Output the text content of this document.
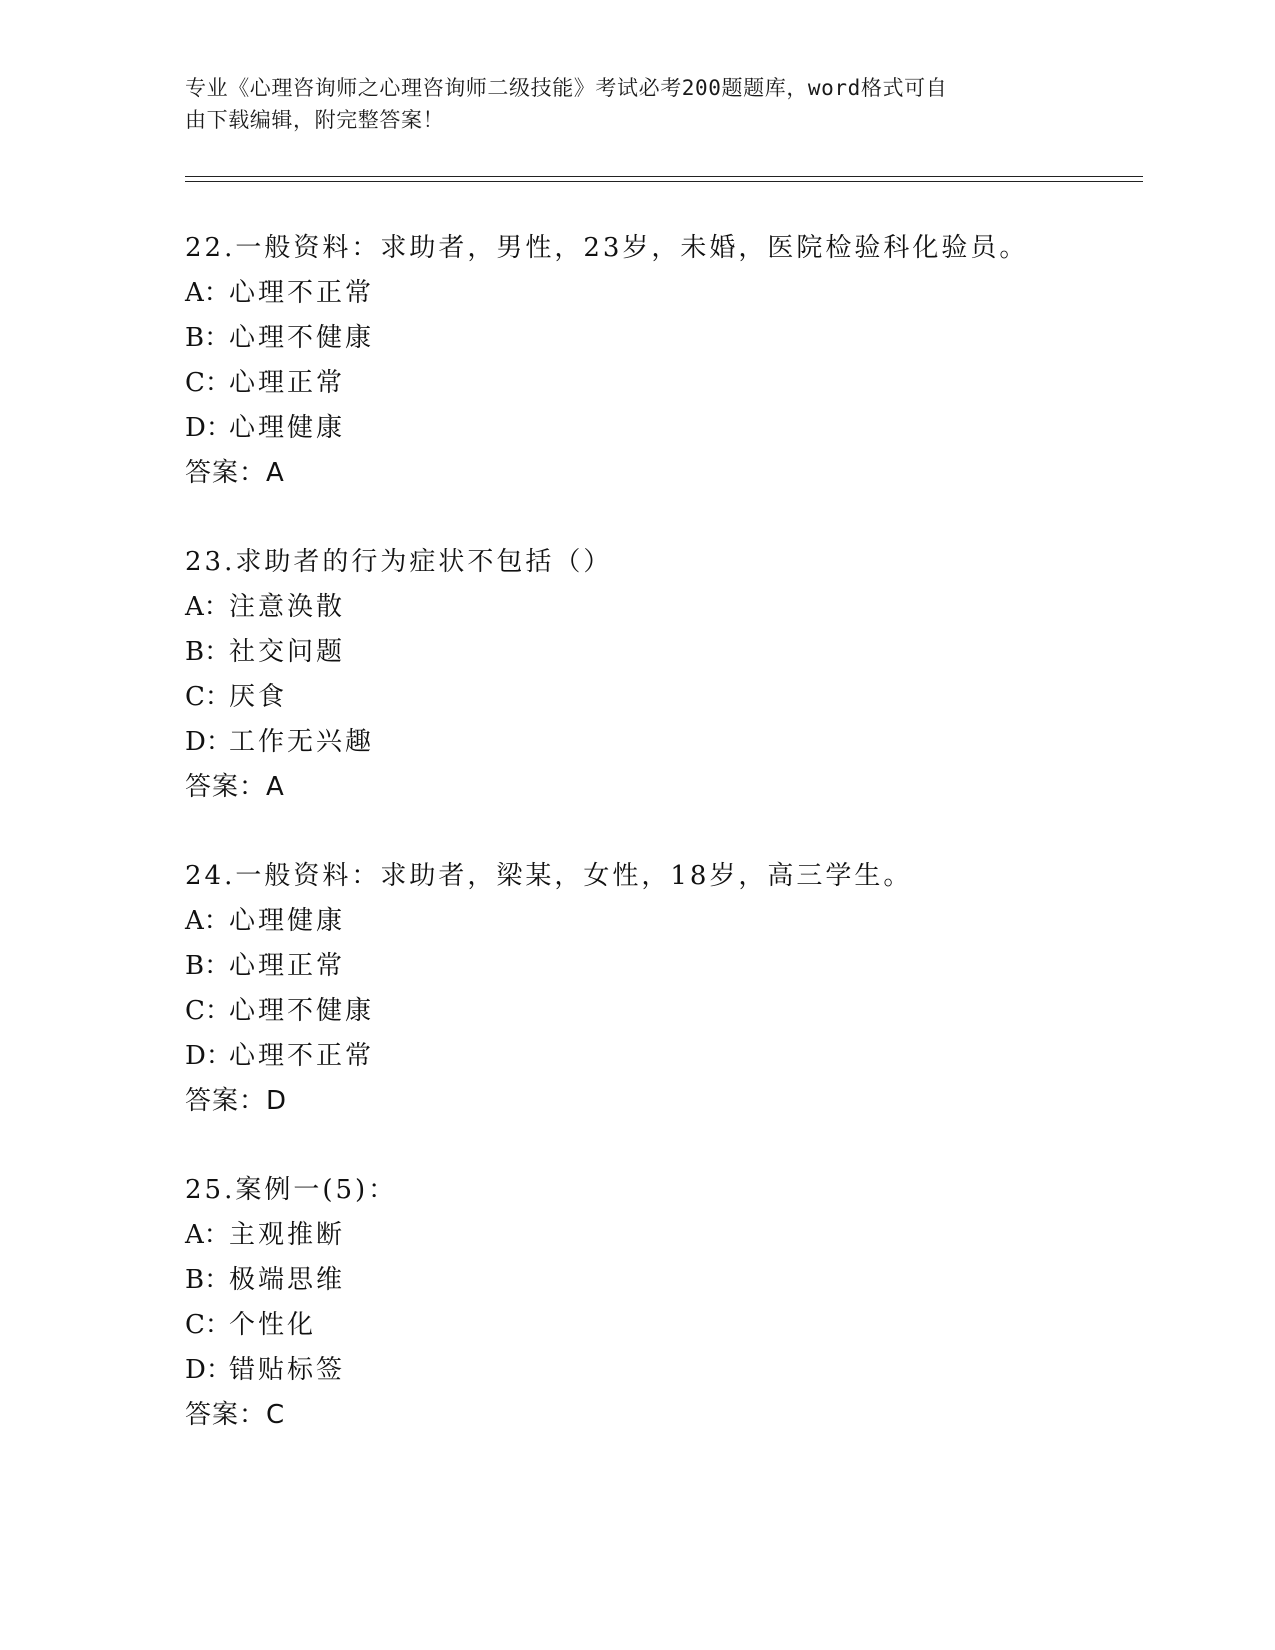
专业《心理咨询师之心理咨询师二级技能》考试必考200题题库，word格式可自
由下载编辑，附完整答案！
22.一般资料：求助者，男性，23岁，未婚，医院检验科化验员。
A：心理不正常
B：心理不健康
C：心理正常
D：心理健康
答案：A
23.求助者的行为症状不包括（）
A：注意涣散
B：社交问题
C：厌食
D：工作无兴趣
答案：A
24.一般资料：求助者，梁某，女性，18岁，高三学生。
A：心理健康
B：心理正常
C：心理不健康
D：心理不正常
答案：D
25.案例一(5)：
A：主观推断
B：极端思维
C：个性化
D：错贴标签
答案：C
